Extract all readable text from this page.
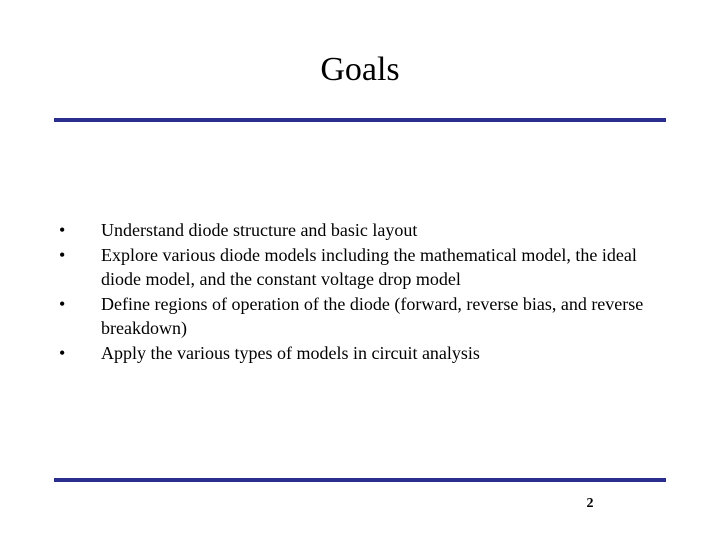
Goals
•	Understand diode structure and basic layout
•	Explore various diode models including the mathematical model, the ideal diode model, and the constant voltage drop model
•	Define regions of operation of the diode (forward, reverse bias, and reverse breakdown)
•	Apply the various types of models in circuit analysis
2
